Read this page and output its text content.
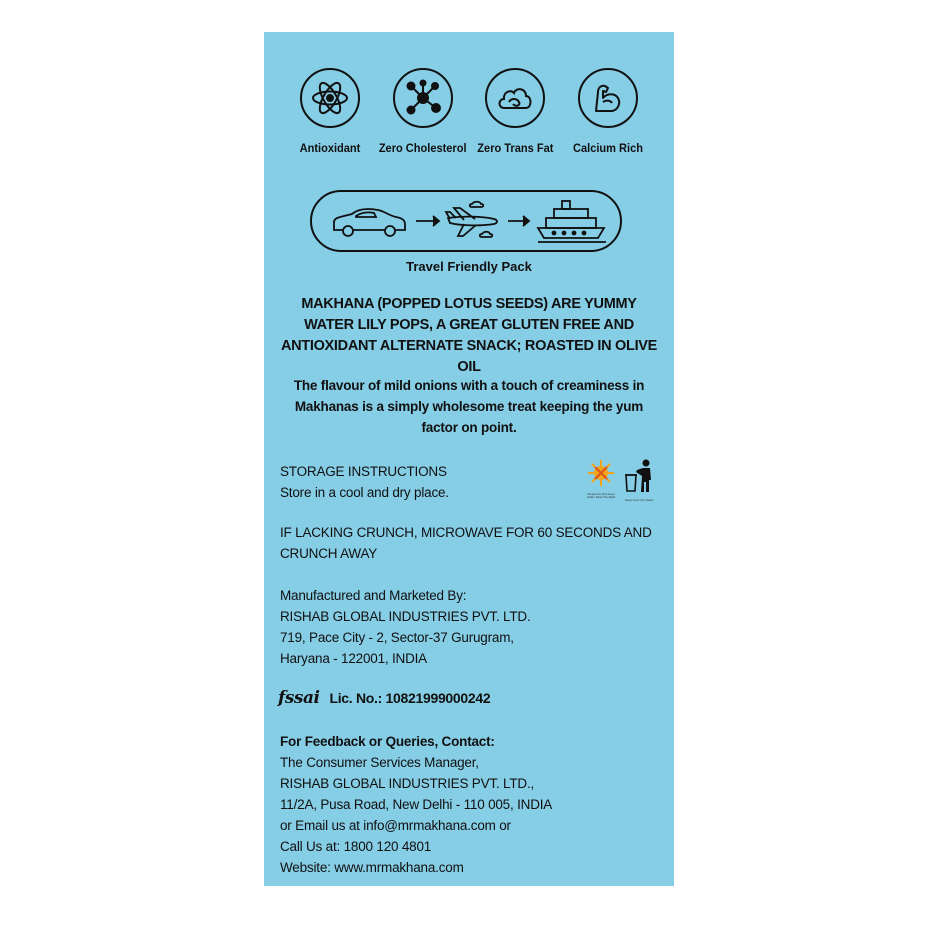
Antioxidant Zero Cholesterol Zero Trans Fat Calcium Rich
Travel Friendly Pack
MAKHANA (POPPED LOTUS SEEDS) ARE YUMMY WATER LILY POPS, A GREAT GLUTEN FREE AND ANTIOXIDANT ALTERNATE SNACK; ROASTED IN OLIVE OIL
The flavour of mild onions with a touch of creaminess in Makhanas is a simply wholesome treat keeping the yum factor on point.
STORAGE INSTRUCTIONS
Store in a cool and dry place.	Please Do Not Keep Under Direct Sunlight
Keep Your City Clean
IF LACKING CRUNCH, MICROWAVE FOR 60 SECONDS AND CRUNCH AWAY
Manufactured and Marketed By:
RISHAB GLOBAL INDUSTRIES PVT. LTD.
719, Pace City - 2, Sector-37 Gurugram,
Haryana - 122001, INDIA
fssai Lic. No.: 10821999000242
For Feedback or Queries, Contact:
The Consumer Services Manager,
RISHAB GLOBAL INDUSTRIES PVT. LTD.,
11/2A, Pusa Road, New Delhi - 110 005, INDIA
or Email us at info@mrmakhana.com or
Call Us at: 1800 120 4801
Website: www.mrmakhana.com
